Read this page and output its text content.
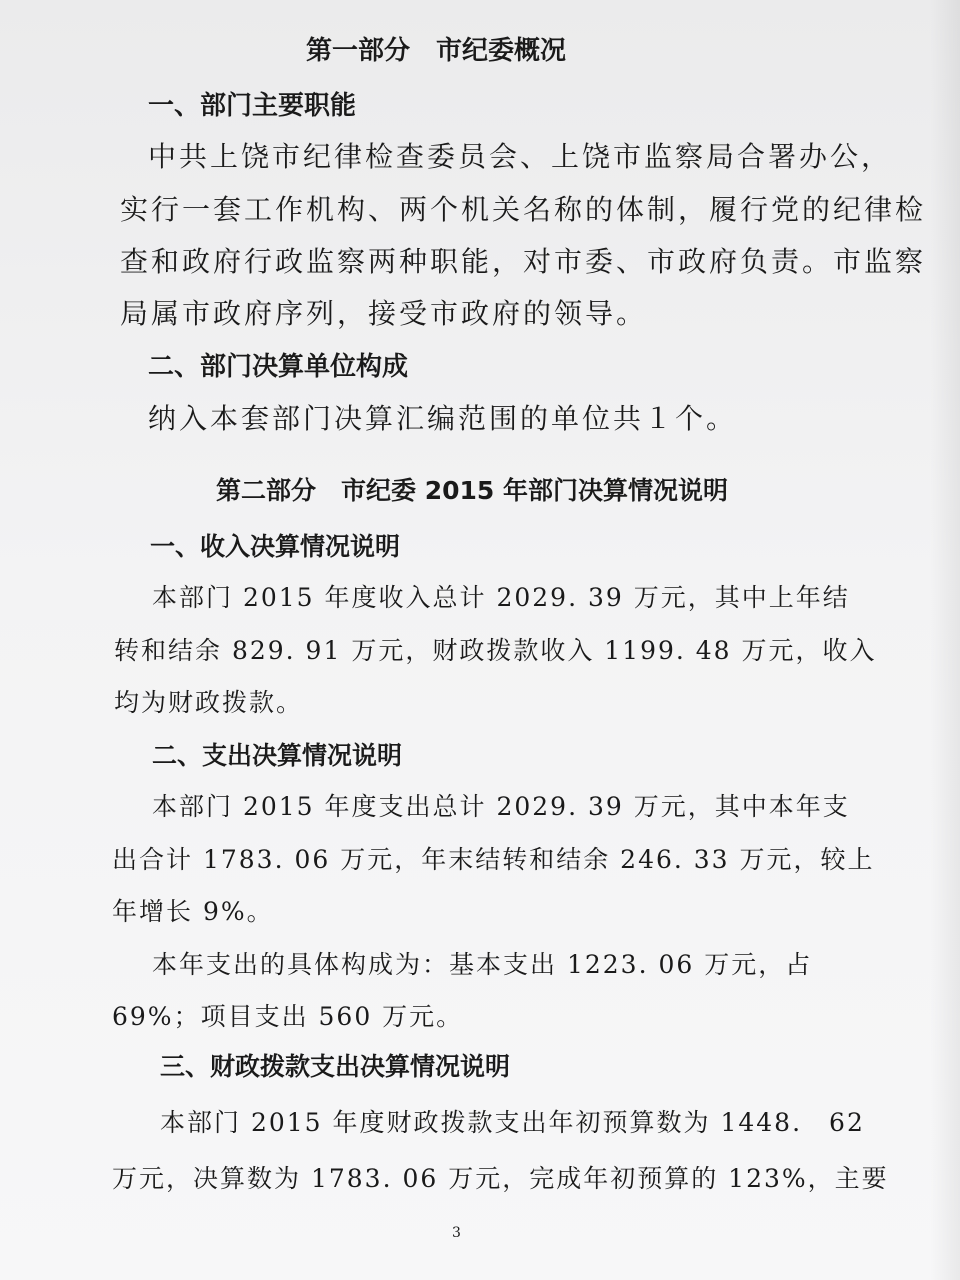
第一部分　市纪委概况
一、部门主要职能
中共上饶市纪律检查委员会、上饶市监察局合署办公，
实行一套工作机构、两个机关名称的体制，履行党的纪律检
查和政府行政监察两种职能，对市委、市政府负责。市监察
局属市政府序列，接受市政府的领导。
二、部门决算单位构成
纳入本套部门决算汇编范围的单位共１个。
第二部分　市纪委 2015 年部门决算情况说明
一、收入决算情况说明
本部门 2015 年度收入总计 2029. 39 万元，其中上年结
转和结余 829. 91 万元，财政拨款收入 1199. 48 万元，收入
均为财政拨款。
二、支出决算情况说明
本部门 2015 年度支出总计 2029. 39 万元，其中本年支
出合计 1783. 06 万元，年末结转和结余 246. 33 万元，较上
年增长 9%。
本年支出的具体构成为：基本支出 1223. 06 万元，占
69%；项目支出 560 万元。
三、财政拨款支出决算情况说明
本部门 2015 年度财政拨款支出年初预算数为 1448.　62
万元，决算数为 1783. 06 万元，完成年初预算的 123%，主要
3
